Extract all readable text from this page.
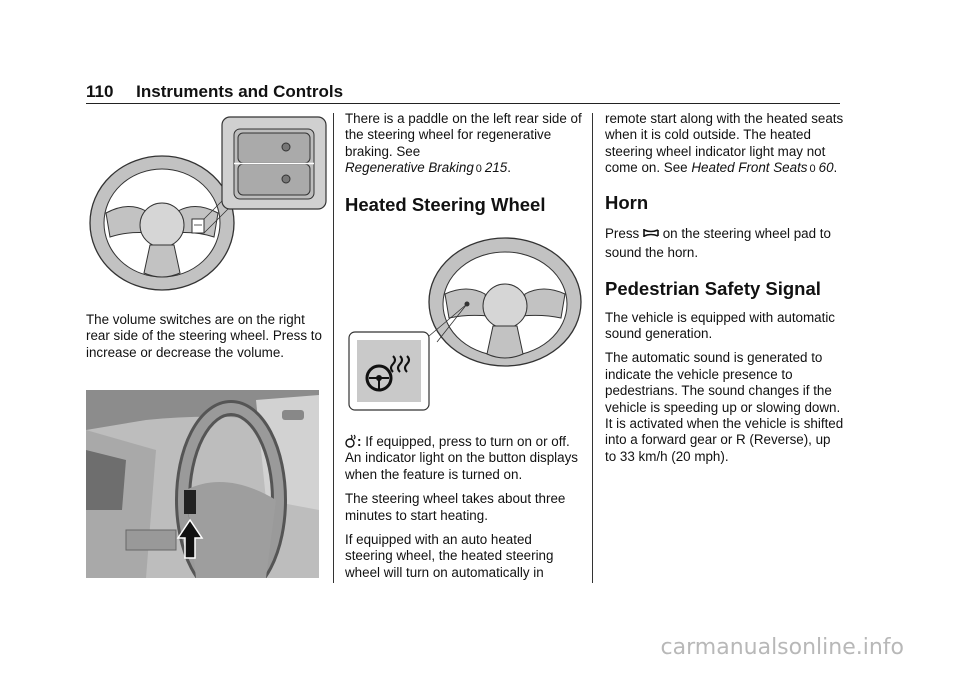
110 Instruments and Controls

The volume switches are on the right rear side of the steering wheel. Press to increase or decrease the volume.

There is a paddle on the left rear side of the steering wheel for regenerative braking. See
Regenerative Braking 0 215.

Heated Steering Wheel

: If equipped, press to turn on or off. An indicator light on the button displays when the feature is turned on.

The steering wheel takes about three minutes to start heating.

If equipped with an auto heated steering wheel, the heated steering wheel will turn on automatically in

remote start along with the heated seats when it is cold outside. The heated steering wheel indicator light may not come on. See Heated Front Seats 0 60.

Horn

Press on the steering wheel pad to sound the horn.

Pedestrian Safety Signal

The vehicle is equipped with automatic sound generation.

The automatic sound is generated to indicate the vehicle presence to pedestrians. The sound changes if the vehicle is speeding up or slowing down. It is activated when the vehicle is shifted into a forward gear or R (Reverse), up to 33 km/h (20 mph).

carmanualsonline.info
